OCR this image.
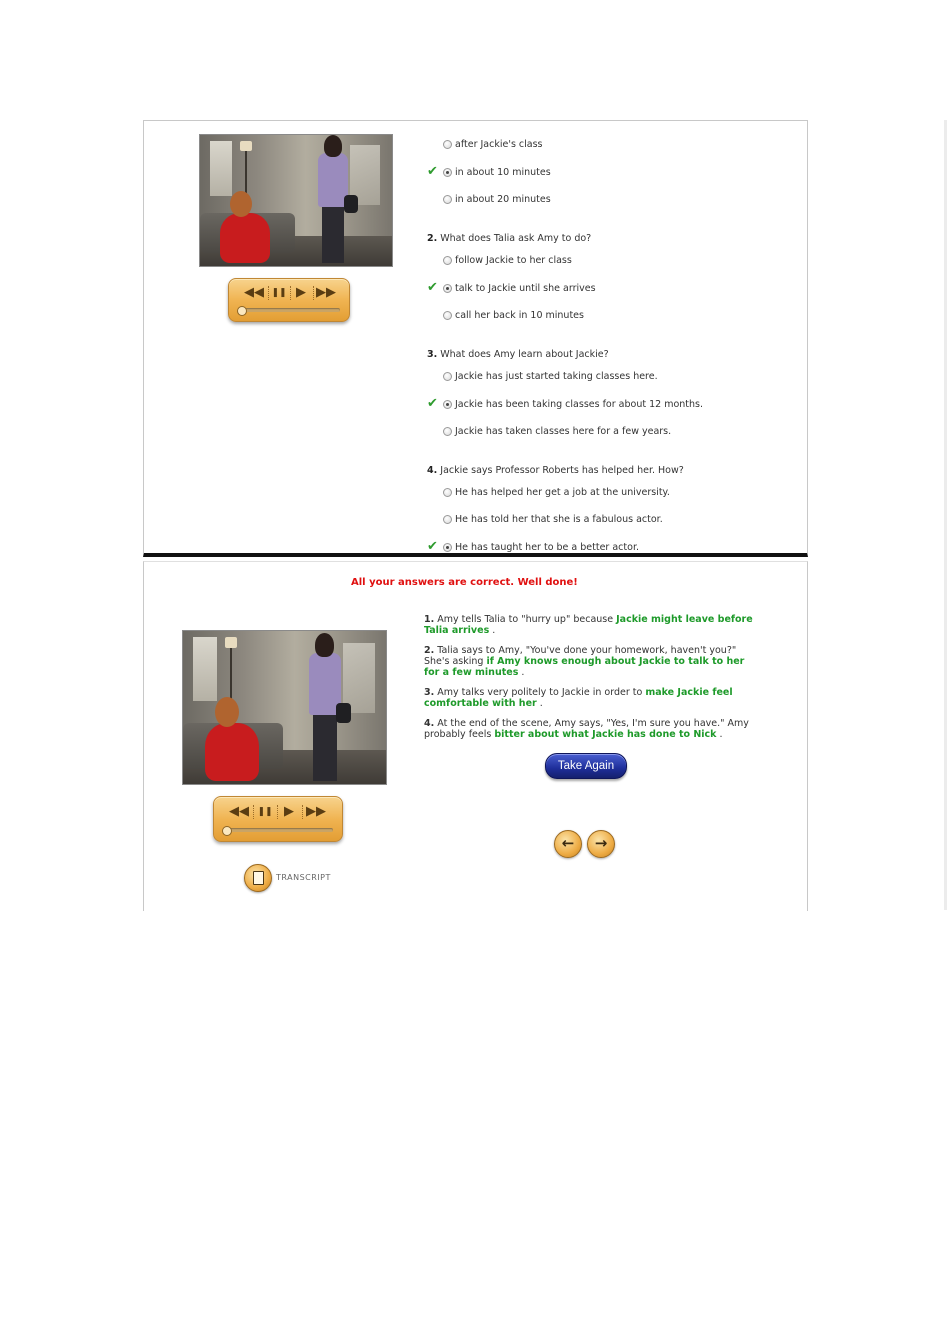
◀◀ ❚❚ ▶ ▶▶
after Jackie's class
✔ in about 10 minutes
in about 20 minutes
2. What does Talia ask Amy to do?
follow Jackie to her class
✔ talk to Jackie until she arrives
call her back in 10 minutes
3. What does Amy learn about Jackie?
Jackie has just started taking classes here.
✔ Jackie has been taking classes for about 12 months.
Jackie has taken classes here for a few years.
4. Jackie says Professor Roberts has helped her. How?
He has helped her get a job at the university.
He has told her that she is a fabulous actor.
✔ He has taught her to be a better actor.
All your answers are correct. Well done!
◀◀ ❚❚ ▶ ▶▶
1. Amy tells Talia to "hurry up" because Jackie might leave before Talia arrives .
2. Talia says to Amy, "You've done your homework, haven't you?" She's asking if Amy knows enough about Jackie to talk to her for a few minutes .
3. Amy talks very politely to Jackie in order to make Jackie feel comfortable with her .
4. At the end of the scene, Amy says, "Yes, I'm sure you have." Amy probably feels bitter about what Jackie has done to Nick .
Take Again
←	→
TRANSCRIPT
